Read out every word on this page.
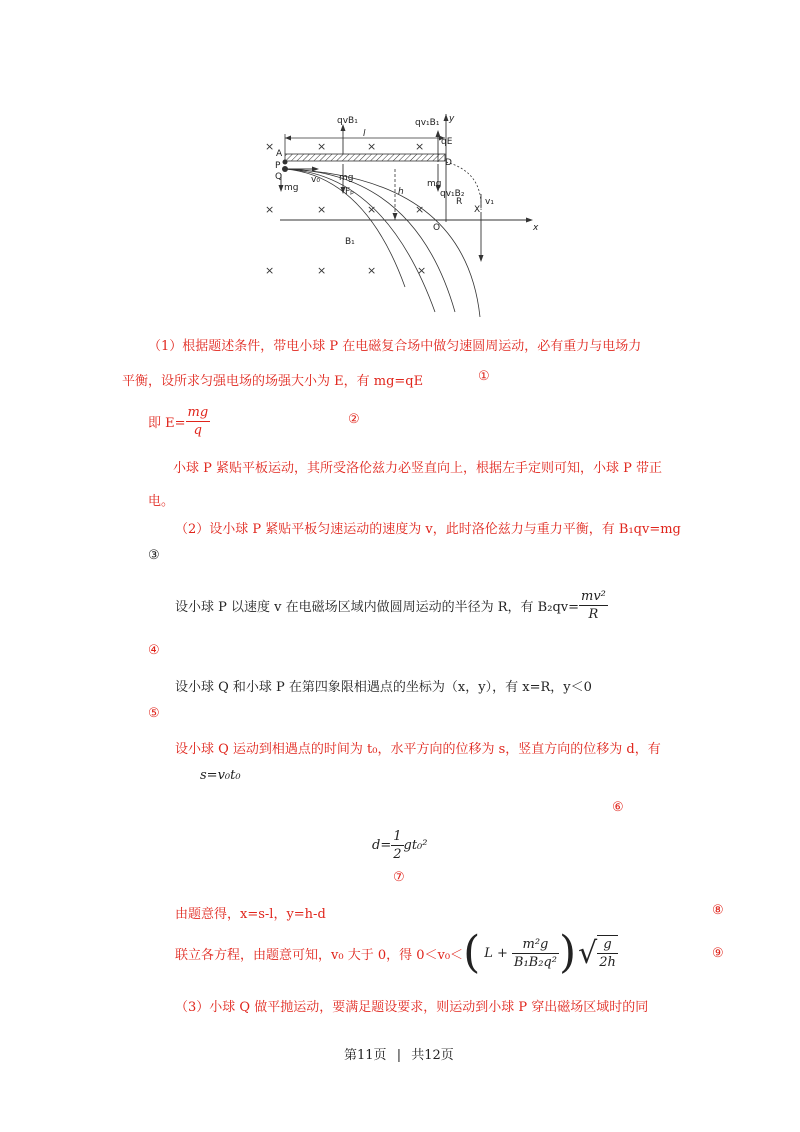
×	×	×	×
×	×	×	×
×	×	×	×
qvB₁
l
qv₁B₁ y
qE
A
P	D
Q
mg
v₀ mg
mg
Fₚ	h	qv₁B₂
R	v₁
X
O	x
B₁
（1）根据题述条件，带电小球 P 在电磁复合场中做匀速圆周运动，必有重力与电场力
平衡，设所求匀强电场的场强大小为 E，有 mg=qE	①
即 $E= \frac{mg}{q}$	②
小球 P 紧贴平板运动，其所受洛伦兹力必竖直向上，根据左手定则可知，小球 P 带正
电。
（2）设小球 P 紧贴平板匀速运动的速度为 v，此时洛伦兹力与重力平衡，有 B₁qv=mg
③
设小球 P 以速度 v 在电磁场区域内做圆周运动的半径为 R，有 $B_2qv= \frac{\text{mv²}}{R}$
④
设小球 Q 和小球 P 在第四象限相遇点的坐标为（x，y），有 x=R，y＜0
⑤
设小球 Q 运动到相遇点的时间为 t₀，水平方向的位移为 s，竖直方向的位移为 d，有
s=v₀t₀
⑥
$d= \frac{1}{2} gt_0^2$
⑦
由题意得，x=s-l，y=h-d	⑧
联立各方程，由题意可知，v₀ 大于 0，得 0＜v₀＜ ( $L + \frac{\text{m²g}}{\text{B₁B₂q²}}$ ) √ $\frac{g}{2h}$	⑨
（3）小球 Q 做平抛运动，要满足题设要求，则运动到小球 P 穿出磁场区域时的同
第11页 | 共12页
